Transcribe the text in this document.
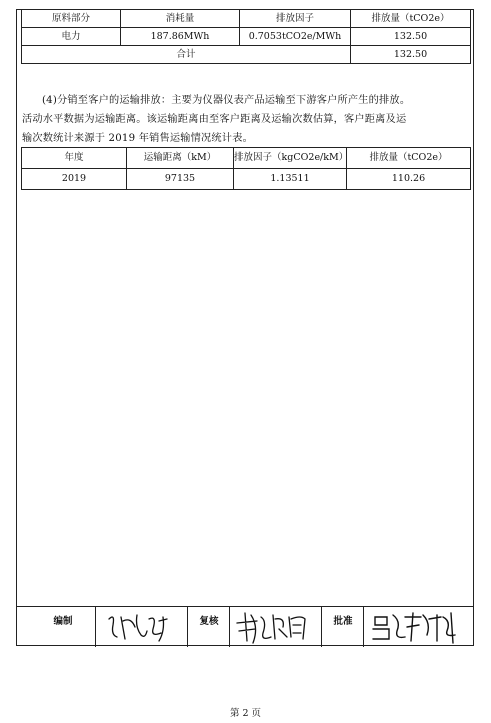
原料部分	消耗量	排放因子	排放量（tCO2e）
电力	187.86MWh	0.7053tCO2e/MWh	132.50
合计			132.50
(4)分销至客户的运输排放：主要为仪器仪表产品运输至下游客户所产生的排放。
活动水平数据为运输距离。该运输距离由至客户距离及运输次数估算，客户距离及运
输次数统计来源于 2019 年销售运输情况统计表。
年度	运输距离（kM）	排放因子（kgCO2e/kM）	排放量（tCO2e）
2019	97135	1.13511	110.26
编制	复核	批准
第 2 页
